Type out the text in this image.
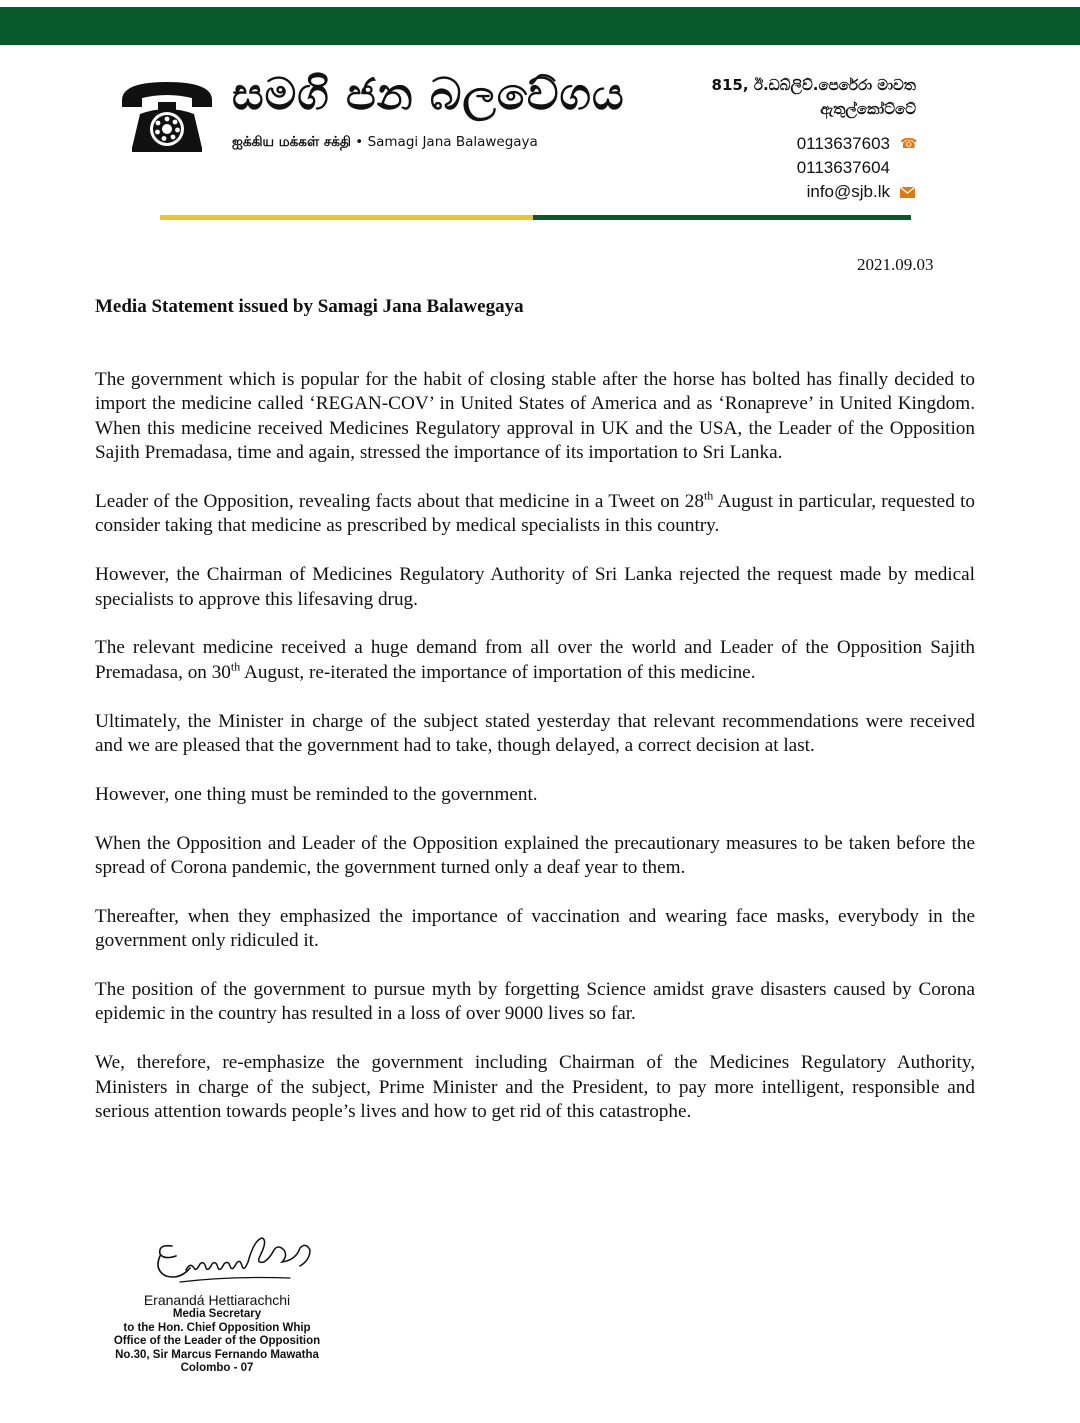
සමගි ජන බලවේගය
ஐக்கிய மக்கள் சக்தி • Samagi Jana Balawegaya
815, ඊ.ඩබ්ලිව්.පෙරේරා මාවත
ඇතුල්කෝට්ටේ
0113637603 ☎
0113637604
info@sjb.lk
2021.09.03
Media Statement issued by Samagi Jana Balawegaya

The government which is popular for the habit of closing stable after the horse has bolted has finally decided to import the medicine called ‘REGAN-COV’ in United States of America and as ‘Ronapreve’ in United Kingdom. When this medicine received Medicines Regulatory approval in UK and the USA, the Leader of the Opposition Sajith Premadasa, time and again, stressed the importance of its importation to Sri Lanka.

Leader of the Opposition, revealing facts about that medicine in a Tweet on 28th August in particular, requested to consider taking that medicine as prescribed by medical specialists in this country.

However, the Chairman of Medicines Regulatory Authority of Sri Lanka rejected the request made by medical specialists to approve this lifesaving drug.

The relevant medicine received a huge demand from all over the world and Leader of the Opposition Sajith Premadasa, on 30th August, re-iterated the importance of importation of this medicine.

Ultimately, the Minister in charge of the subject stated yesterday that relevant recommendations were received and we are pleased that the government had to take, though delayed, a correct decision at last.

However, one thing must be reminded to the government.

When the Opposition and Leader of the Opposition explained the precautionary measures to be taken before the spread of Corona pandemic, the government turned only a deaf year to them.

Thereafter, when they emphasized the importance of vaccination and wearing face masks, everybody in the government only ridiculed it.

The position of the government to pursue myth by forgetting Science amidst grave disasters caused by Corona epidemic in the country has resulted in a loss of over 9000 lives so far.

We, therefore, re-emphasize the government including Chairman of the Medicines Regulatory Authority, Ministers in charge of the subject, Prime Minister and the President, to pay more intelligent, responsible and serious attention towards people’s lives and how to get rid of this catastrophe.

Eranandá Hettiarachchi
Media Secretary
to the Hon. Chief Opposition Whip
Office of the Leader of the Opposition
No.30, Sir Marcus Fernando Mawatha
Colombo - 07
